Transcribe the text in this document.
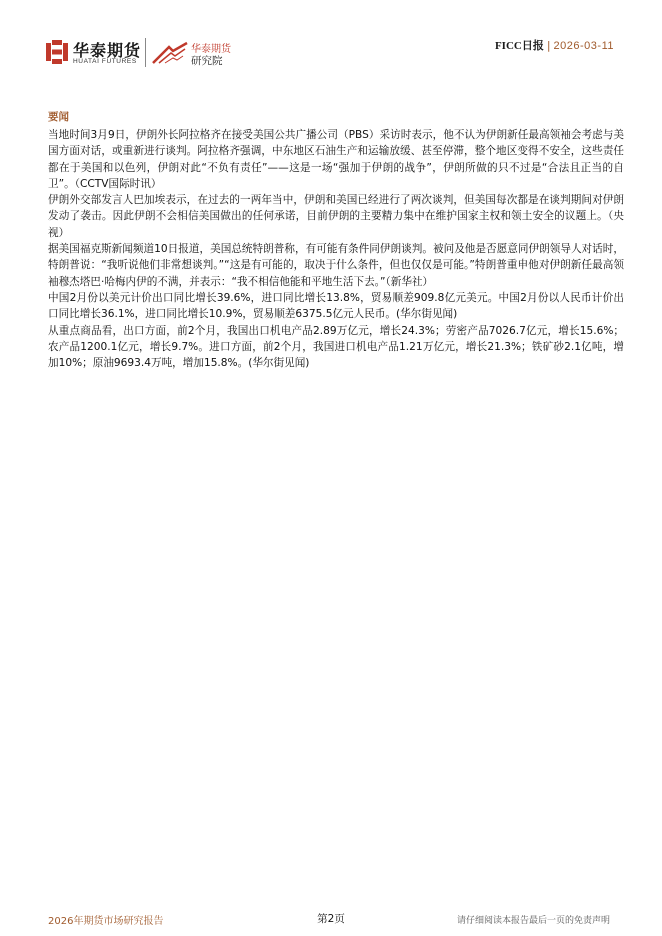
华泰期货
HUATAI FUTURES
华泰期货
研究院
FICC日报 | 2026-03-11
要闻

当地时间3月9日，伊朗外长阿拉格齐在接受美国公共广播公司（PBS）采访时表示，他不认为伊朗新任最高领袖会考虑与美国方面对话，或重新进行谈判。阿拉格齐强调，中东地区石油生产和运输放缓、甚至停滞，整个地区变得不安全，这些责任都在于美国和以色列，伊朗对此“不负有责任”——这是一场“强加于伊朗的战争”，伊朗所做的只不过是“合法且正当的自卫”。（CCTV国际时讯）

伊朗外交部发言人巴加埃表示，在过去的一两年当中，伊朗和美国已经进行了两次谈判，但美国每次都是在谈判期间对伊朗发动了袭击。因此伊朗不会相信美国做出的任何承诺，目前伊朗的主要精力集中在维护国家主权和领土安全的议题上。（央视）

据美国福克斯新闻频道10日报道，美国总统特朗普称，有可能有条件同伊朗谈判。被问及他是否愿意同伊朗领导人对话时，特朗普说：“我听说他们非常想谈判。”“这是有可能的，取决于什么条件，但也仅仅是可能。”特朗普重申他对伊朗新任最高领袖穆杰塔巴·哈梅内伊的不满，并表示：“我不相信他能和平地生活下去。”（新华社）

中国2月份以美元计价出口同比增长39.6%，进口同比增长13.8%，贸易顺差909.8亿元美元。中国2月份以人民币计价出口同比增长36.1%，进口同比增长10.9%，贸易顺差6375.5亿元人民币。(华尔街见闻)

从重点商品看，出口方面，前2个月，我国出口机电产品2.89万亿元，增长24.3%；劳密产品7026.7亿元，增长15.6%；农产品1200.1亿元，增长9.7%。进口方面，前2个月，我国进口机电产品1.21万亿元，增长21.3%；铁矿砂2.1亿吨，增加10%；原油9693.4万吨，增加15.8%。(华尔街见闻)

2026年期货市场研究报告	第2页	请仔细阅读本报告最后一页的免责声明
